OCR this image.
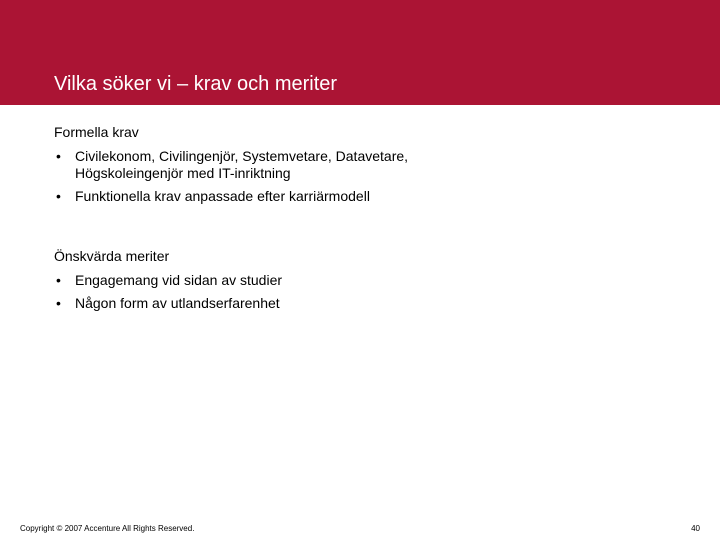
Vilka söker vi – krav och meriter
Formella krav
• Civilekonom, Civilingenjör, Systemvetare, Datavetare, Högskoleingenjör med IT-inriktning
• Funktionella krav anpassade efter karriärmodell
Önskvärda meriter
• Engagemang vid sidan av studier
• Någon form av utlandserfarenhet
Copyright © 2007 Accenture All Rights Reserved.	40
